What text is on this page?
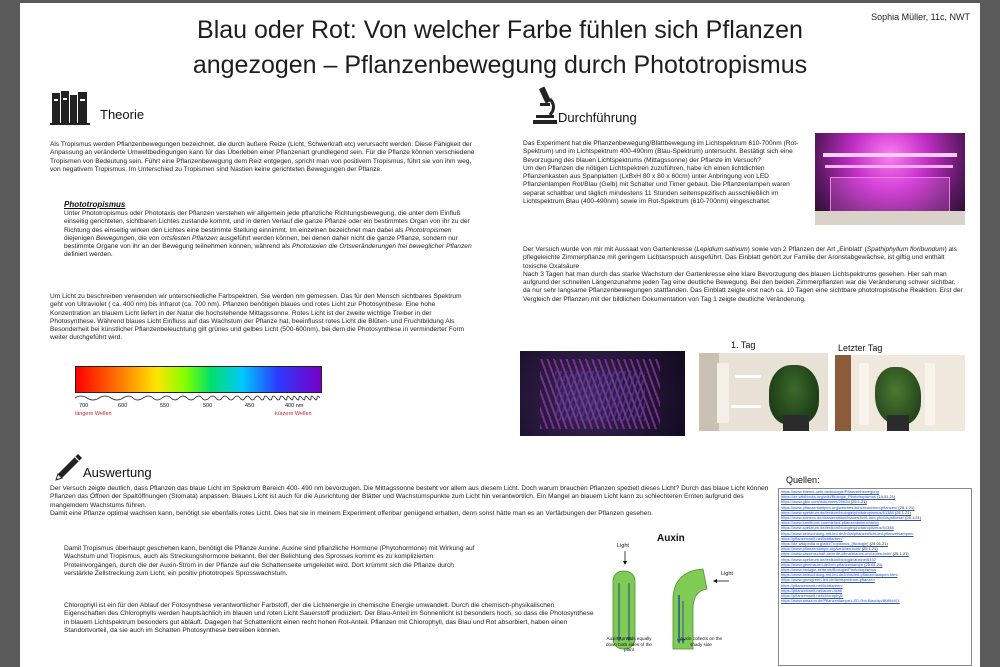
Blau oder Rot: Von welcher Farbe fühlen sich Pflanzen
angezogen – Pflanzenbewegung durch Phototropismus
Sophia Müller, 11c, NWT
Theorie

Als Tropismus werden Pflanzenbewegungen bezeichnet, die durch äußere Reize (Licht, Schwerkraft etc) verursacht werden. Diese Fähigkeit der Anpassung an veränderte Umweltbedingungen kann für das Überleben einer Pflanzenart grundlegend sein. Für die Pflanze können verschiedene Tropismen von Bedeutung sein. Führt eine Pflanzenbewegung dem Reiz entgegen, spricht man von positivem Tropismus, führt sie von ihm weg, von negativem Tropismus. Im Unterschied zu Tropismen sind Nastien keine gerichteten Bewegungen der Pflanze.

Phototropismus

Unter Phototropismus oder Phototaxis der Pflanzen verstehen wir allgemein jede pflanzliche Richtungsbewegung, die unter dem Einfluß einseitig gerichteten, sichtbaren Lichtes zustande kommt, und in deren Verlauf die ganze Pflanze oder ein bestimmtes Organ von ihr zu der Richtung des einseitig wirken den Lichtes eine bestimmte Stellung einnimmt. Im einzelnen bezeichnet man dabei als Phototropismen diejenigen Bewegungen, die von ortsfesten Pflanzen ausgeführt werden können, bei denen daher nicht die ganze Pflanze, sondern nur bestimmte Organe von ihr an der Bewegung teilnehmen können, während als Phototaxien die Ortsveränderungen frei beweglicher Pflanzen definiert werden.

Um Licht zu beschreiben verwenden wir unterschiedliche Farbspektren. Sie werden nm gemessen. Das für den Mensch sichtbares Spektrum geht von Ultraviolet ( ca. 400 nm) bis Infrarot (ca. 700 nm). Pflanzen benötigen blaues und rotes Licht zur Photosynthese. Eine hohe Konzentration an blauem Licht liefert in der Natur die hochstehende Mittagssonne. Rotes Licht ist der zweite wichtige Treiber in der Photosynthese. Während blaues Licht Einfluss auf das Wachstum der Pflanze hat, beeinflusst rotes Licht die Blüten- und Fruchtbildung Als Besonderheit bei künstlicher Pflanzenbeleuchtung gilt grünes und gelbes Licht (500-600nm), bei dem die Photosynthese in verminderter Form weiter durchgeführt wird.

700	600	550	500	450	400 nm
längere Wellen	kürzere Wellen
Durchführung

Das Experiment hat die Pflanzenbewegung/Blattbewegung im Lichtspektrum 610-700nm (Rot-Spektrum) und im Lichtspektrum 400-490nm (Blau-Spektrum) untersucht. Bestätigt sich eine Bevorzugung des blauen Lichtspektrums (Mittagssonne) der Pflanze im Versuch?
Um den Pflanzen die nötigen Lichtspektren zuzuführen, habe ich einen lichtdichten Pflanzenkasten aus Spanplatten (LxBxH 80 x 80 x 60cm) unter Anbringung von LED Pflanzenlampen Rot/Blau (Gelb) mit Schalter und Timer gebaut. Die Pflanzenlampen waren separat schaltbar und täglich mindestens 11 Stunden seitenspezifisch ausschließlich im Lichtspektrum Blau (400-490nm) sowie im Rot-Spektrum (610-700nm) eingeschaltet.

Der Versuch wurde von mir mit Aussaat von Gartenkresse (Lepidium sativum) sowie von 2 Pflanzen der Art „Einblatt‘ (Spathiphyllum floribundum) als pflegeleichte Zimmerpflanze mit geringem Lichtanspruch ausgeführt. Das Einblatt gehört zur Familie der Aronstabgewächse, ist giftig und enthält toxische Oxalsäure
Nach 3 Tagen hat man durch das starke Wachstum der Gartenkresse eine klare Bevorzugung des blauen Lichtspektrums gesehen. Hier sah man aufgrund der schnellen Längenzunahme jeden Tag eine deutliche Bewegung. Bei den beiden Zimmerpflanzen war die Veränderung schwer sichtbar, da nur sehr langsame Pflanzenbewegungen stattfanden. Das Einblatt zeigte erst nach ca. 10 Tagen eine sichtbare phototropistische Reaktion. Erst der Vergleich der Pflanzen mit der bildlichen Dokumentation von Tag 1 zeigte deutliche Veränderung.

1. Tag	Letzter Tag
Auswertung

Der Versuch zeigte deutlich, dass Pflanzen das blaue Licht im Spektrum Bereich 400- 490 nm bevorzugen. Die Mittagssonne besteht vor allem aus diesem Licht. Doch warum brauchen Pflanzen speziell dieses Licht? Durch das blaue Licht können Pflanzen das Öffnen der Spaltöffnungen (Stomata) anpassen. Blaues Licht ist auch für die Ausrichtung der Blätter und Wachstumspunkte zum Licht hin verantwortlich. Ein Mangel an blauem Licht kann zu schlechteren Ernten aufgrund des mangelndem Wachstums führen.
Damit eine Pflanze optimal wachsen kann, benötigt sie ebenfalls rotes Licht. Dies hat sie in meinem Experiment offenbar genügend erhalten, denn sonst hätte man es an Verfärbungen der Pflanzen gesehen.

Damit Tropismus überhaupt geschehen kann, benötigt die Pflanze Auxine. Auxine sind pflanzliche Hormone (Phytohormone) mit Wirkung auf Wachstum und Tropismus, auch als Streckungshormone bekannt. Bei der Belichtung des Sprosses kommt es zu komplizierten Proteinvorgängen, durch die der Auxin-Strom in der Pflanze auf die Schattenseite umgeleitet wird. Dort krümmt sich die Pflanze durch verstärkte Zellstreckung zum Licht, ein positiv phototropes Sprosswachstum.

Chlorophyll ist ein für den Ablauf der Fotosynthese verantwortlicher Farbstoff, der die Lichtenergie in chemische Energie umwandelt. Durch die chemisch-physikalischen Eigenschaften des Chlorophylls werden hauptsächlich im blauen und roten Licht Sauerstoff produziert. Der Blau-Anteil im Sonnenlicht ist besonders hoch, so dass die Photosynthese in blauem Lichtspektrum besonders gut abläuft. Dagegen hat Schattenlicht einen recht hohen Rot-Anteil. Pflanzen mit Chlorophyll, das Blau und Rot absorbiert, haben einen Standortvorteil, da sie auch im Schatten Photosynthese betreiben können.

Auxin
Light
Light
Auxin spreads equally down both sides of the plant
Auxin collects on the shady side
Quellen:
https://www.thieme-vele.de/biologie/Pflanzenbewegung
https://de.wikibooks.org/wiki/Biologie_Phototropismus (14.01.21)
https://www.gbio.com/dokument/20b2d (25.1.21)
https://www.pflanzenlampen.org/welches-licht-brauchen-pflanzen/ (25.1.21)
https://www.spektrum.de/lexikon/biologie/phototropismus/51388 (25.1.21)
https://www.scinexx.de/dossierartikel/blaues-licht-und-photosynthese/ (25.1.21)
https://www.lumitronix.com/de/led-pflanzenbeleuchtung
https://www.spektrum.de/lexikon/biologie/phototropismus/51388
https://www.beleuchtung-mit-led.de/infos/pflanzenlicht-led-pflanzenlampen/
https://pflanzenwelt.net/lichtfarben/
https://de.wikipedia.org/wiki/Tropismus_(Biologie) (25.01.21)
https://www.pflanzenlampe.org/welches-licht/ (25.1.21)
https://www.wissenschaft.de/erde-klima/blaues-und-rotes-licht/ (25.1.21)
https://www.spektrum.de/lexikon/biologie/auxine/6452
https://www.gemma-led.de/info-pflanzenlampe (25.01.21)
https://www.biologie-seite.de/Biologie/Phototropismus
https://www.beleuchtung-mit-led.de/infos/led-pflanzenlampen.html
https://www.growgreen-led.de/lichtspektrum-pflanzen
https://pflanzenwelt.net/lichtfarben/
https://pflanzenwelt.net/auxin-licht/
https://pflanzenwelt.net/chlorophyll/
https://www.amazon.de/Pflanzenlampe-LED-Rot-Blau/dp/B08N4S1
